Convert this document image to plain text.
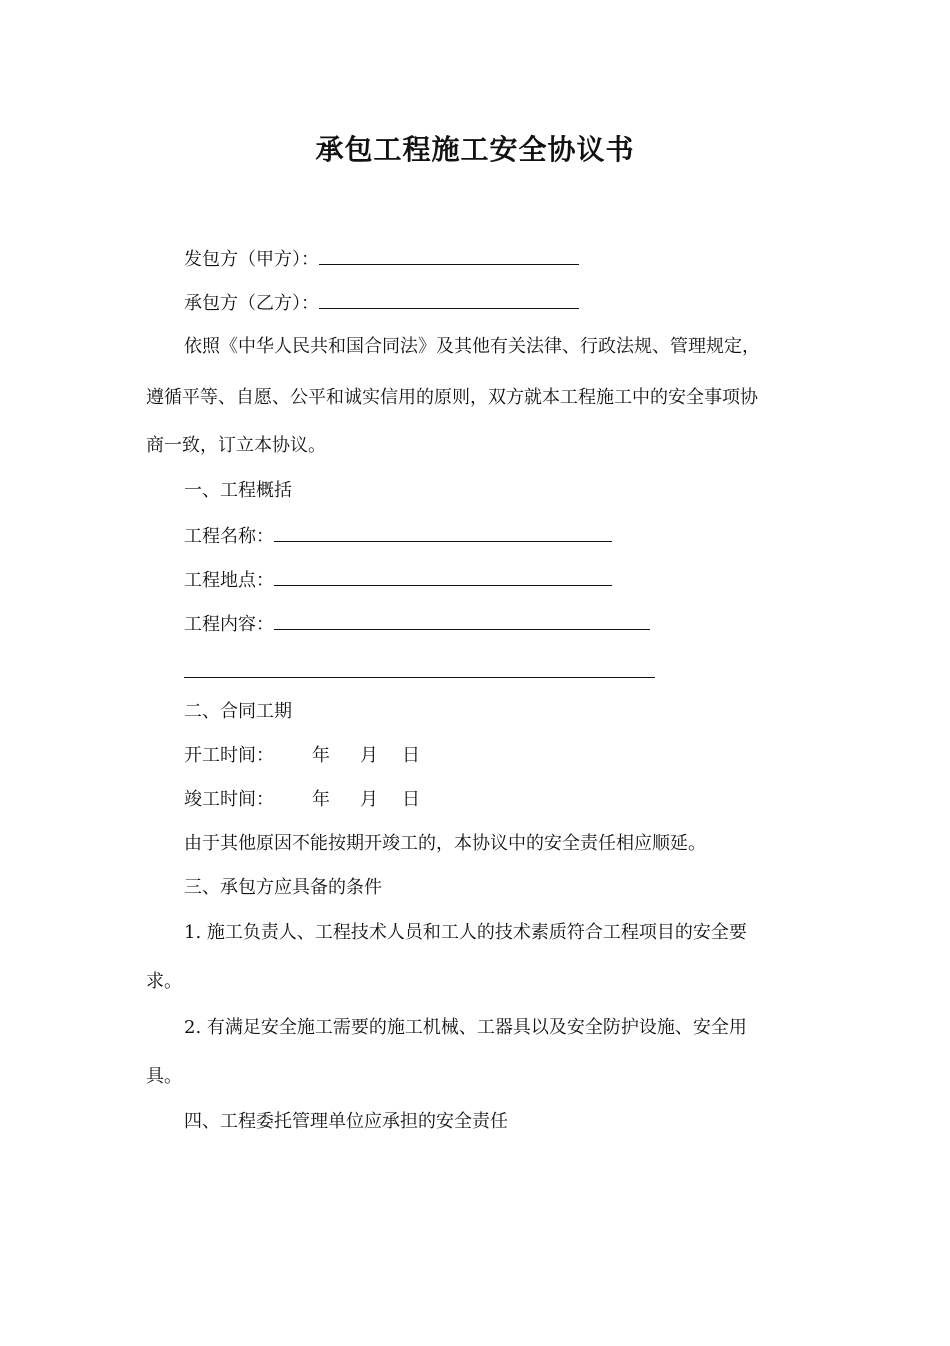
承包工程施工安全协议书
发包方（甲方）：
承包方（乙方）：
依照《中华人民共和国合同法》及其他有关法律、行政法规、管理规定，
遵循平等、自愿、公平和诚实信用的原则，双方就本工程施工中的安全事项协
商一致，订立本协议。
一、工程概括
工程名称：
工程地点：
工程内容：
二、合同工期
开工时间： 年 月 日
竣工时间： 年 月 日
由于其他原因不能按期开竣工的，本协议中的安全责任相应顺延。
三、承包方应具备的条件
1. 施工负责人、工程技术人员和工人的技术素质符合工程项目的安全要
求。
2. 有满足安全施工需要的施工机械、工器具以及安全防护设施、安全用
具。
四、工程委托管理单位应承担的安全责任
